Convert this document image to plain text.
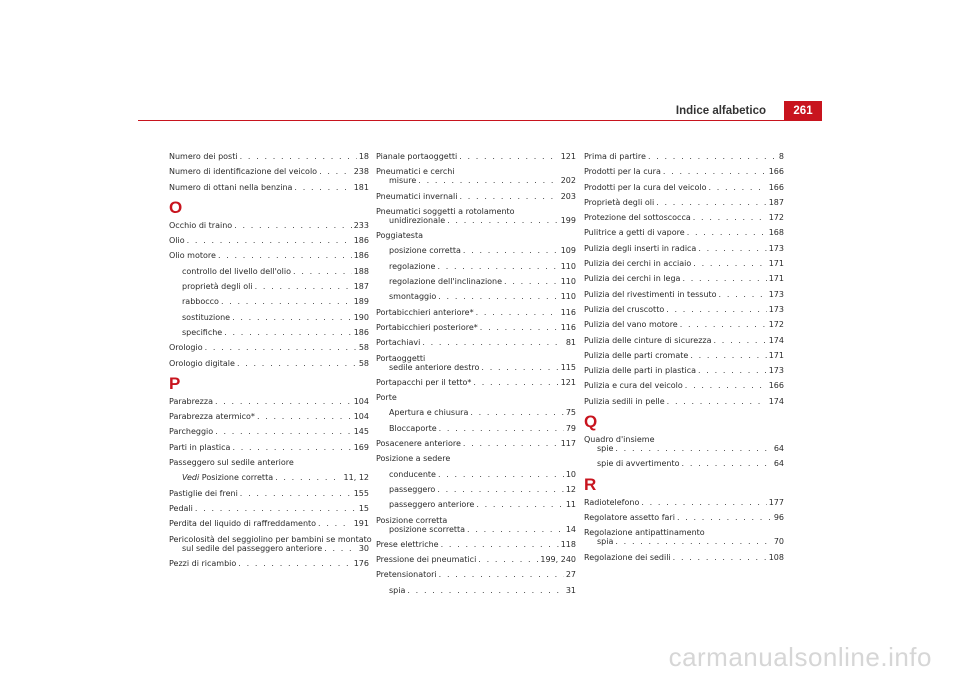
Indice alfabetico	261
Numero dei posti . . .	18
Numero di identificazione del veicolo . . .	238
Numero di ottani nella benzina . . .	181
O
Occhio di traino . . .	233
Olio . . .	186
Olio motore . . .	186
controllo del livello dell'olio . . .	188
proprietà degli oli . . .	187
rabbocco . . .	189
sostituzione . . .	190
specifiche . . .	186
Orologio . . .	58
Orologio digitale . . .	58
P
Parabrezza . . .	104
Parabrezza atermico* . . .	104
Parcheggio . . .	145
Parti in plastica . . .	169
Passeggero sul sedile anteriore
Vedi Posizione corretta . . .	11, 12
Pastiglie dei freni . . .	155
Pedali . . .	15
Perdita del liquido di raffreddamento . . .	191
Pericolosità del seggiolino per bambini se montato
sul sedile del passeggero anteriore . . .	30
Pezzi di ricambio . . .	176
Pianale portaoggetti . . .	121
Pneumatici e cerchi
misure . . .	202
Pneumatici invernali . . .	203
Pneumatici soggetti a rotolamento
unidirezionale . . .	199
Poggiatesta
posizione corretta . . .	109
regolazione . . .	110
regolazione dell'inclinazione . . .	110
smontaggio . . .	110
Portabicchieri anteriore* . . .	116
Portabicchieri posteriore* . . .	116
Portachiavi . . .	81
Portaoggetti
sedile anteriore destro . . .	115
Portapacchi per il tetto* . . .	121
Porte
Apertura e chiusura . . .	75
Bloccaporte . . .	79
Posacenere anteriore . . .	117
Posizione a sedere
conducente . . .	10
passeggero . . .	12
passeggero anteriore . . .	11
Posizione corretta
posizione scorretta . . .	14
Prese elettriche . . .	118
Pressione dei pneumatici . . .	199, 240
Pretensionatori . . .	27
spia . . .	31
Prima di partire . . .	8
Prodotti per la cura . . .	166
Prodotti per la cura del veicolo . . .	166
Proprietà degli oli . . .	187
Protezione del sottoscocca . . .	172
Pulitrice a getti di vapore . . .	168
Pulizia degli inserti in radica . . .	173
Pulizia dei cerchi in acciaio . . .	171
Pulizia dei cerchi in lega . . .	171
Pulizia del rivestimenti in tessuto . . .	173
Pulizia del cruscotto . . .	173
Pulizia del vano motore . . .	172
Pulizia delle cinture di sicurezza . . .	174
Pulizia delle parti cromate . . .	171
Pulizia delle parti in plastica . . .	173
Pulizia e cura del veicolo . . .	166
Pulizia sedili in pelle . . .	174
Q
Quadro d'insieme
spie . . .	64
spie di avvertimento . . .	64
R
Radiotelefono . . .	177
Regolatore assetto fari . . .	96
Regolazione antipattinamento
spia . . .	70
Regolazione dei sedili . . .	108
carmanualsonline.info
